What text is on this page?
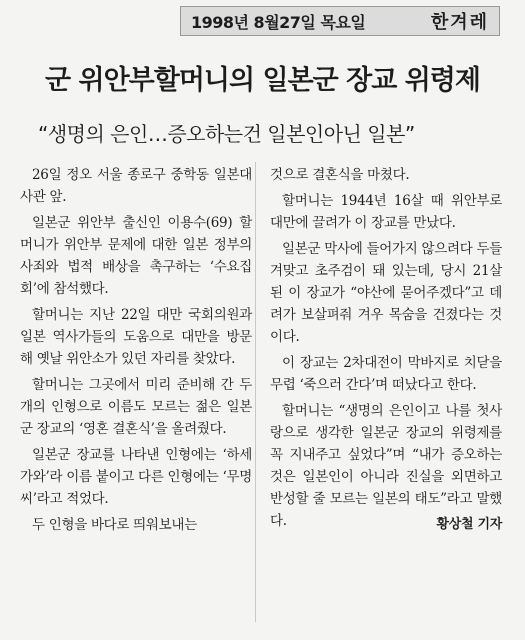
1998년 8월27일 목요일	한겨레
군 위안부할머니의 일본군 장교 위령제
“생명의 은인…증오하는건 일본인아닌 일본”

26일 정오 서울 종로구 중학동 일본대사관 앞.

일본군 위안부 출신인 이용수(69) 할머니가 위안부 문제에 대한 일본 정부의 사죄와 법적 배상을 촉구하는 ‘수요집회’에 참석했다.

할머니는 지난 22일 대만 국회의원과 일본 역사가들의 도움으로 대만을 방문해 옛날 위안소가 있던 자리를 찾았다.

할머니는 그곳에서 미리 준비해 간 두개의 인형으로 이름도 모르는 젊은 일본군 장교의 ‘영혼 결혼식’을 올려줬다.

일본군 장교를 나타낸 인형에는 ‘하세가와’라 이름 붙이고 다른 인형에는 ‘무명씨’라고 적었다.

두 인형을 바다로 띄워보내는

것으로 결혼식을 마쳤다.

할머니는 1944년 16살 때 위안부로 대만에 끌려가 이 장교를 만났다.

일본군 막사에 들어가지 않으려다 두들겨맞고 초주검이 돼 있는데, 당시 21살 된 이 장교가 “야산에 묻어주겠다”고 데려가 보살펴줘 겨우 목숨을 건졌다는 것이다.

이 장교는 2차대전이 막바지로 치닫을 무렵 ‘죽으러 간다’며 떠났다고 한다.

할머니는 “생명의 은인이고 나를 첫사랑으로 생각한 일본군 장교의 위령제를 꼭 지내주고 싶었다”며 “내가 증오하는 것은 일본인이 아니라 진실을 외면하고 반성할 줄 모르는 일본의 태도”라고 말했다.	황상철 기자
